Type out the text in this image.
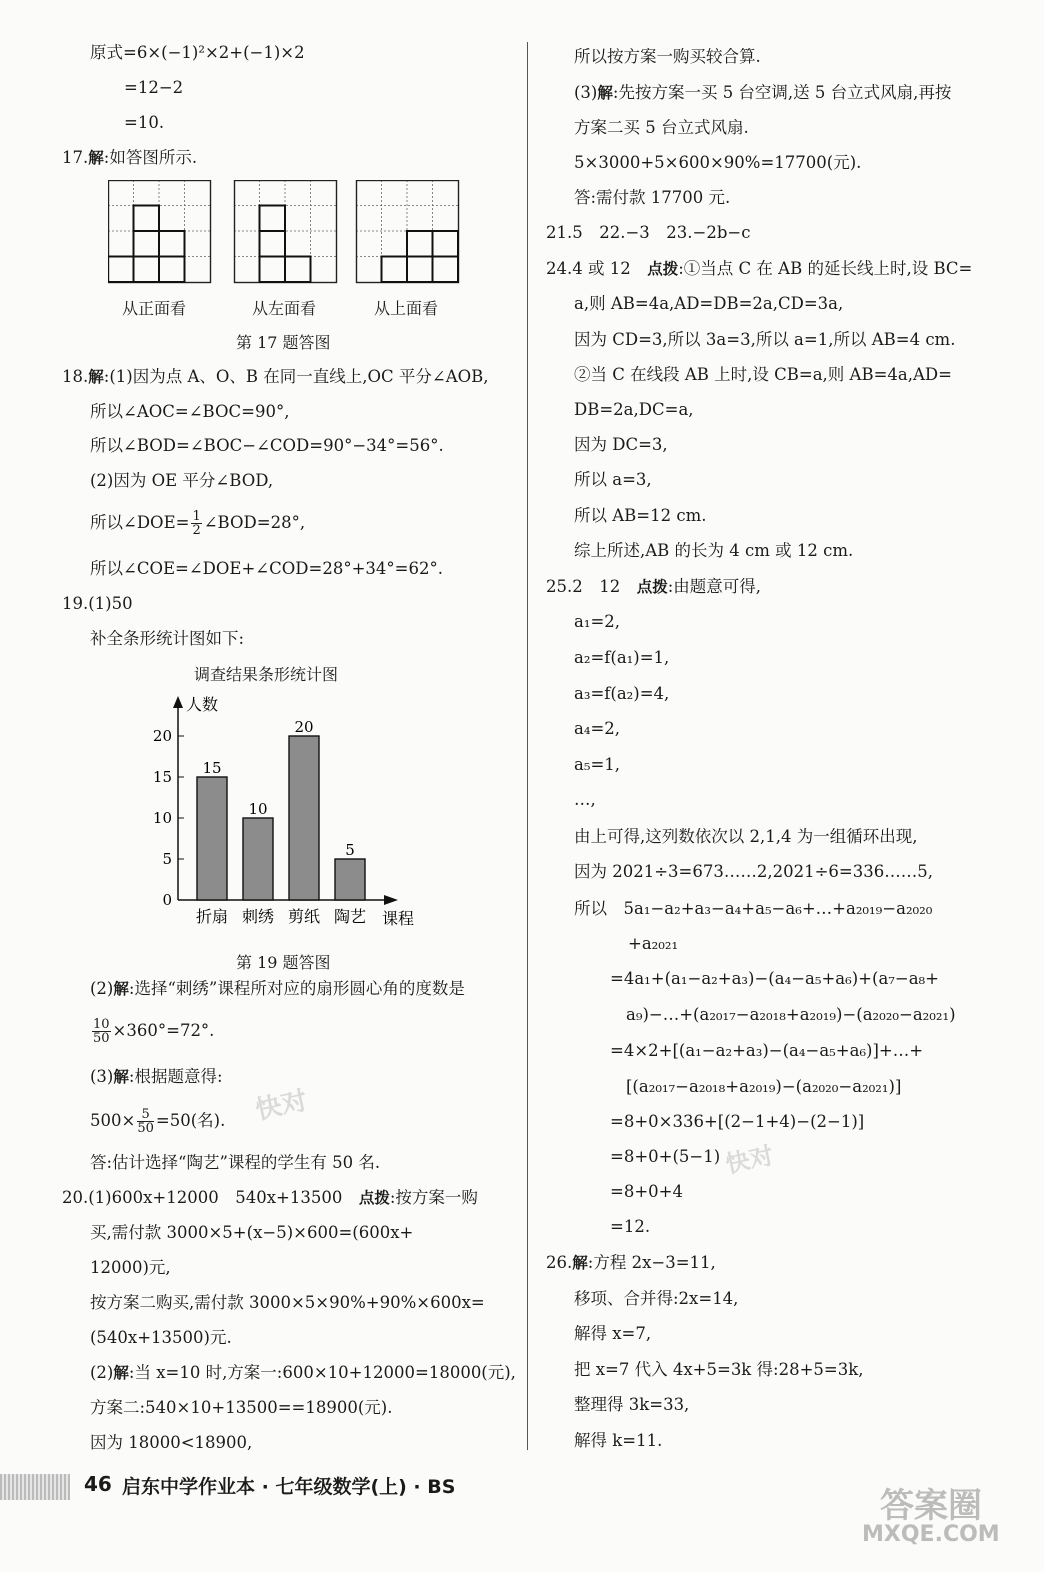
原式=6×(−1)²×2+(−1)×2
=12−2
=10.
17.解:如答图所示.
从正面看	从左面看	从上面看
第 17 题答图
18.解:(1)因为点 A、O、B 在同一直线上,OC 平分∠AOB,
所以∠AOC=∠BOC=90°,
所以∠BOD=∠BOC−∠COD=90°−34°=56°.
(2)因为 OE 平分∠BOD,
所以∠DOE= $\frac{1}{2}$ ∠BOD=28°,
所以∠COE=∠DOE+∠COD=28°+34°=62°.
19.(1)50
补全条形统计图如下:
调查结果条形统计图
人数
0
5
10
15
20
15
折扇
10
刺绣
20
剪纸
5
陶艺 课程
第 19 题答图
(2)解:选择“刺绣”课程所对应的扇形圆心角的度数是
$\frac{10}{50} \times 360^\circ=72^\circ$.
(3)解:根据题意得:
$500\times \frac{5}{50} =50$(名).
答:估计选择“陶艺”课程的学生有 50 名.
20.(1)600x+12000　540x+13500　点拨:按方案一购
买,需付款 3000×5+(x−5)×600=(600x+
12000)元,
按方案二购买,需付款 3000×5×90%+90%×600x=
(540x+13500)元.
(2)解:当 x=10 时,方案一:600×10+12000=18000(元),
方案二:540×10+13500==18900(元).
因为 18000<18900,
所以按方案一购买较合算.
(3)解:先按方案一买 5 台空调,送 5 台立式风扇,再按
方案二买 5 台立式风扇.
5×3000+5×600×90%=17700(元).
答:需付款 17700 元.
21.5　22.−3　23.−2b−c
24.4 或 12　点拨:①当点 C 在 AB 的延长线上时,设 BC=
a,则 AB=4a,AD=DB=2a,CD=3a,
因为 CD=3,所以 3a=3,所以 a=1,所以 AB=4 cm.
②当 C 在线段 AB 上时,设 CB=a,则 AB=4a,AD=
DB=2a,DC=a,
因为 DC=3,
所以 a=3,
所以 AB=12 cm.
综上所述,AB 的长为 4 cm 或 12 cm.
25.2　12　点拨:由题意可得,
a₁=2,
a₂=f(a₁)=1,
a₃=f(a₂)=4,
a₄=2,
a₅=1,
…,
由上可得,这列数依次以 2,1,4 为一组循环出现,
因为 2021÷3=673……2,2021÷6=336……5,
所以　5a₁−a₂+a₃−a₄+a₅−a₆+…+a₂₀₁₉−a₂₀₂₀
+a₂₀₂₁
=4a₁+(a₁−a₂+a₃)−(a₄−a₅+a₆)+(a₇−a₈+
a₉)−…+(a₂₀₁₇−a₂₀₁₈+a₂₀₁₉)−(a₂₀₂₀−a₂₀₂₁)
=4×2+[(a₁−a₂+a₃)−(a₄−a₅+a₆)]+…+
[(a₂₀₁₇−a₂₀₁₈+a₂₀₁₉)−(a₂₀₂₀−a₂₀₂₁)]
=8+0×336+[(2−1+4)−(2−1)]
=8+0+(5−1)
=8+0+4
=12.
26.解:方程 2x−3=11,
移项、合并得:2x=14,
解得 x=7,
把 x=7 代入 4x+5=3k 得:28+5=3k,
整理得 3k=33,
解得 k=11.
快对
快对
答案圈
MXQE.COM
46 启东中学作业本 · 七年级数学(上) · BS
